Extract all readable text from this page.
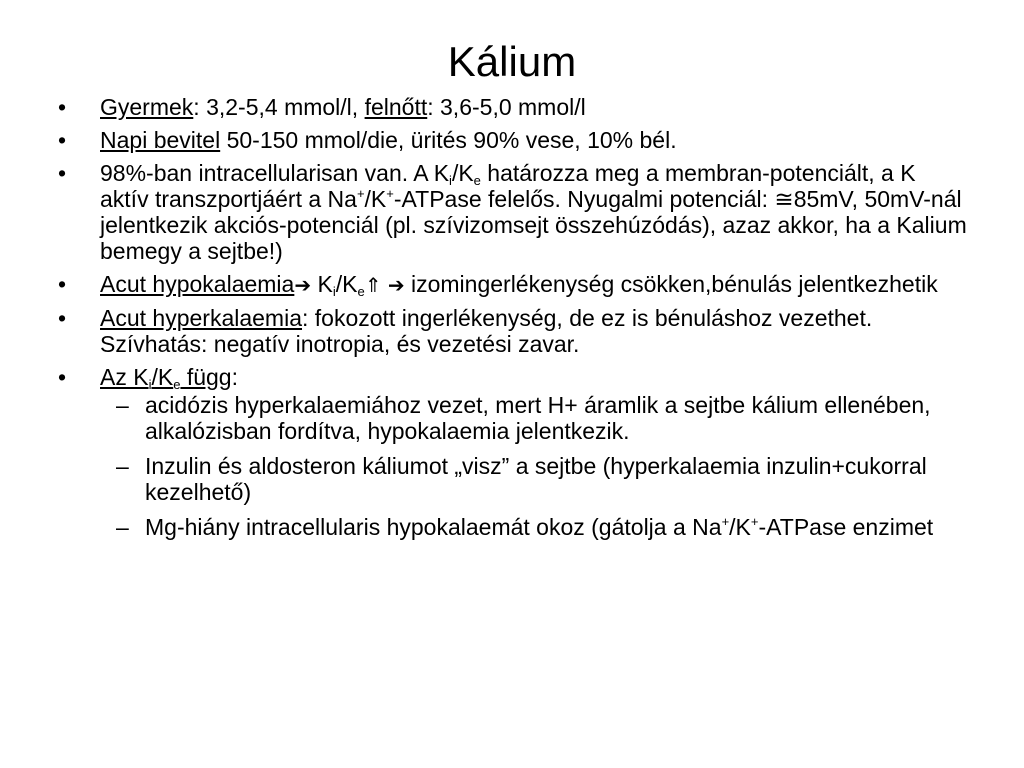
Kálium
• Gyermek: 3,2-5,4 mmol/l, felnőtt: 3,6-5,0 mmol/l
• Napi bevitel 50-150 mmol/die, ürités 90% vese, 10% bél.
• 98%-ban intracellularisan van. A $K_i/K_e$ határozza meg a membran-potenciált, a K aktív transzportjáért a Na+/K+-ATPase felelős. Nyugalmi potenciál: ≅85mV, 50mV-nál jelentkezik akciós-potenciál (pl. szívizomsejt összehúzódás), azaz akkor, ha a Kalium bemegy a sejtbe!)
• Acut hypokalaemia➔ $K_i/K_e⇑$ ➔ izomingerlékenység csökken,bénulás jelentkezhetik
• Acut hyperkalaemia: fokozott ingerlékenység, de ez is bénuláshoz vezethet. Szívhatás: negatív inotropia, és vezetési zavar.
• Az $K_i/K_e$ függ:
– acidózis hyperkalaemiához vezet, mert H+ áramlik a sejtbe kálium ellenében, alkalózisban fordítva, hypokalaemia jelentkezik.
– Inzulin és aldosteron káliumot „visz” a sejtbe (hyperkalaemia inzulin+cukorral kezelhető)
– Mg-hiány intracellularis hypokalaemát okoz (gátolja a Na+/K+-ATPase enzimet
